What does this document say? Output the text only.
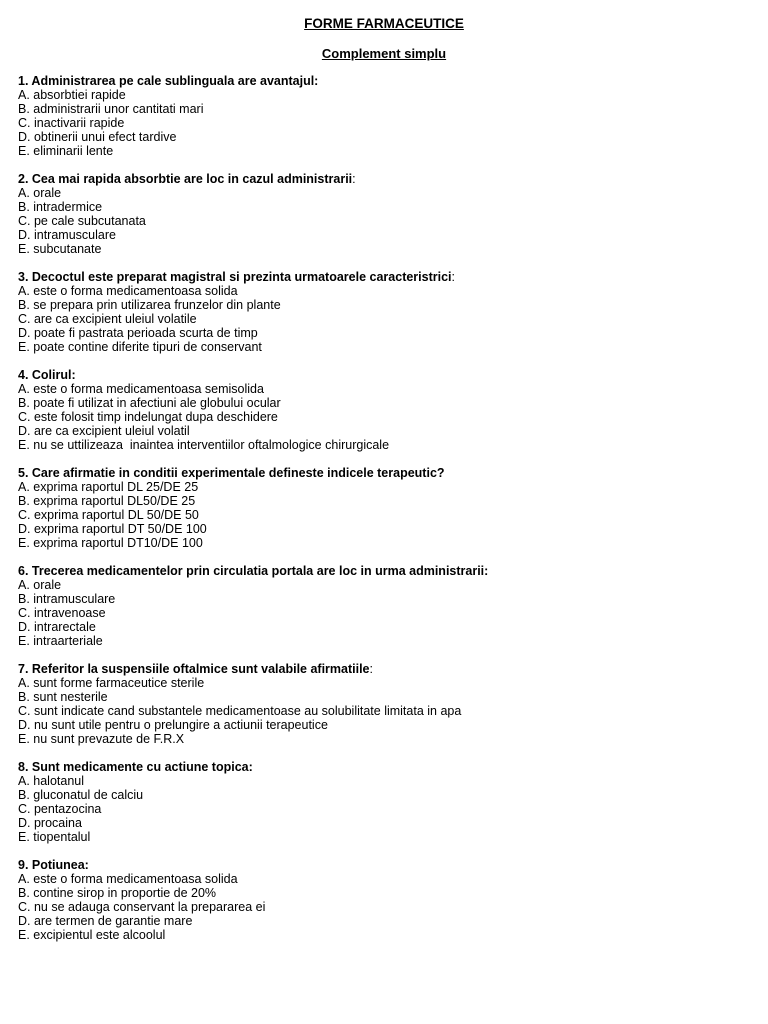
FORME FARMACEUTICE
Complement simplu
1. Administrarea pe cale sublinguala are avantajul:
A. absorbtiei rapide
B. administrarii unor cantitati mari
C. inactivarii rapide
D. obtinerii unui efect tardive
E. eliminarii lente
2. Cea mai rapida absorbtie are loc in cazul administrarii:
A. orale
B. intradermice
C. pe cale subcutanata
D. intramusculare
E. subcutanate
3. Decoctul este preparat magistral si prezinta urmatoarele caracteristrici:
A. este o forma medicamentoasa solida
B. se prepara prin utilizarea frunzelor din plante
C. are ca excipient uleiul volatile
D. poate fi pastrata perioada scurta de timp
E. poate contine diferite tipuri de conservant
4. Colirul:
A. este o forma medicamentoasa semisolida
B. poate fi utilizat in afectiuni ale globului ocular
C. este folosit timp indelungat dupa deschidere
D. are ca excipient uleiul volatil
E. nu se uttilizeaza  inaintea interventiilor oftalmologice chirurgicale
5. Care afirmatie in conditii experimentale defineste indicele terapeutic?
A. exprima raportul DL 25/DE 25
B. exprima raportul DL50/DE 25
C. exprima raportul DL 50/DE 50
D. exprima raportul DT 50/DE 100
E. exprima raportul DT10/DE 100
6. Trecerea medicamentelor prin circulatia portala are loc in urma administrarii:
A. orale
B. intramusculare
C. intravenoase
D. intrarectale
E. intraarteriale
7. Referitor la suspensiile oftalmice sunt valabile afirmatiile:
A. sunt forme farmaceutice sterile
B. sunt nesterile
C. sunt indicate cand substantele medicamentoase au solubilitate limitata in apa
D. nu sunt utile pentru o prelungire a actiunii terapeutice
E. nu sunt prevazute de F.R.X
8. Sunt medicamente cu actiune topica:
A. halotanul
B. gluconatul de calciu
C. pentazocina
D. procaina
E. tiopentalul
9. Potiunea:
A. este o forma medicamentoasa solida
B. contine sirop in proportie de 20%
C. nu se adauga conservant la prepararea ei
D. are termen de garantie mare
E. excipientul este alcoolul
